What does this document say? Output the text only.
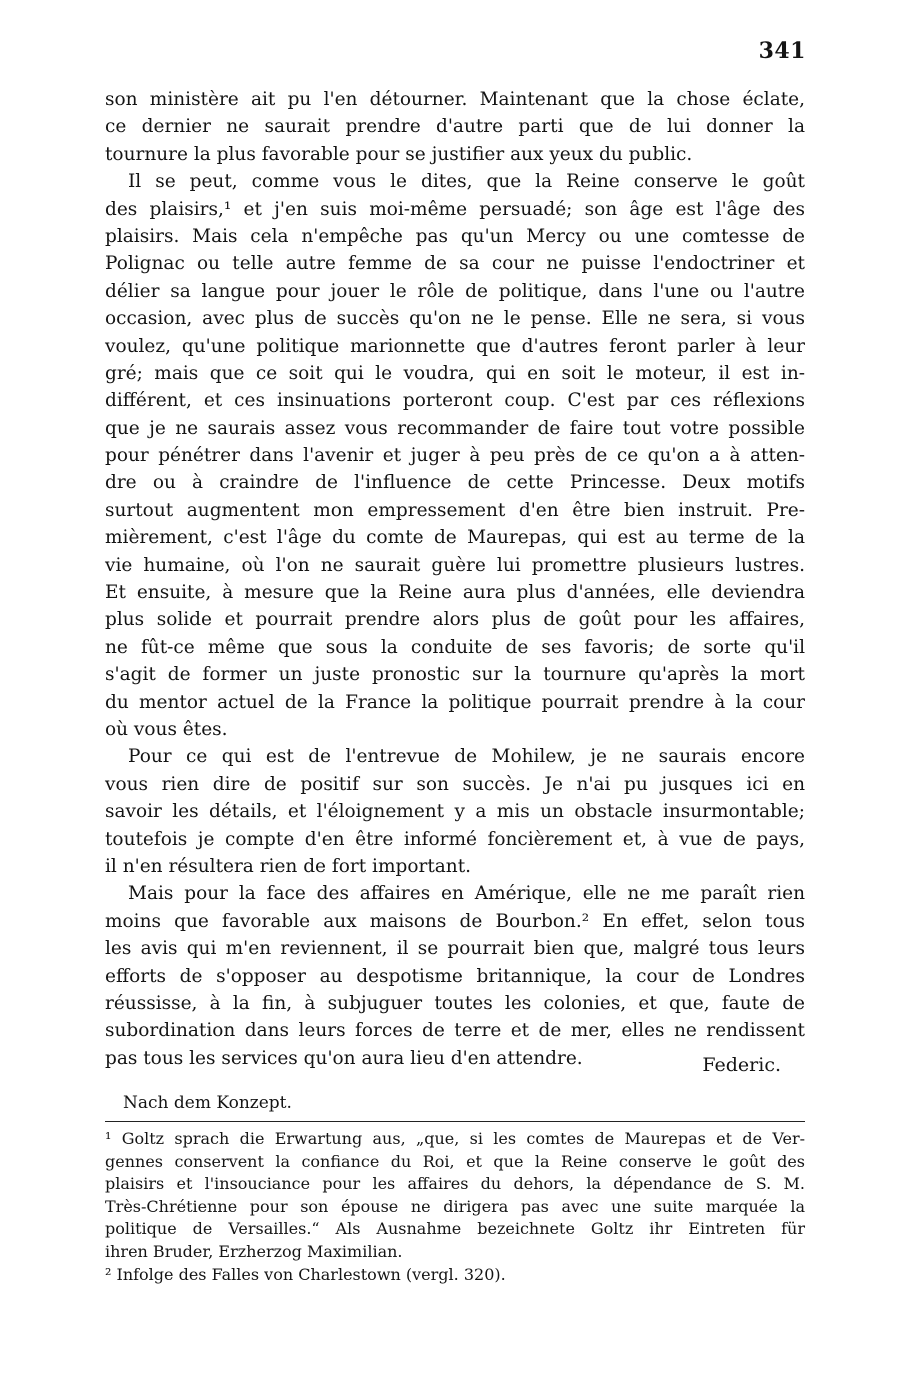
341
son ministère ait pu l'en détourner. Maintenant que la chose éclate,
ce dernier ne saurait prendre d'autre parti que de lui donner la
tournure la plus favorable pour se justifier aux yeux du public.
Il se peut, comme vous le dites, que la Reine conserve le goût
des plaisirs,¹ et j'en suis moi-même persuadé; son âge est l'âge des
plaisirs. Mais cela n'empêche pas qu'un Mercy ou une comtesse de
Polignac ou telle autre femme de sa cour ne puisse l'endoctriner et
délier sa langue pour jouer le rôle de politique, dans l'une ou l'autre
occasion, avec plus de succès qu'on ne le pense. Elle ne sera, si vous
voulez, qu'une politique marionnette que d'autres feront parler à leur
gré; mais que ce soit qui le voudra, qui en soit le moteur, il est in-
différent, et ces insinuations porteront coup. C'est par ces réflexions
que je ne saurais assez vous recommander de faire tout votre possible
pour pénétrer dans l'avenir et juger à peu près de ce qu'on a à atten-
dre ou à craindre de l'influence de cette Princesse. Deux motifs
surtout augmentent mon empressement d'en être bien instruit. Pre-
mièrement, c'est l'âge du comte de Maurepas, qui est au terme de la
vie humaine, où l'on ne saurait guère lui promettre plusieurs lustres.
Et ensuite, à mesure que la Reine aura plus d'années, elle deviendra
plus solide et pourrait prendre alors plus de goût pour les affaires,
ne fût-ce même que sous la conduite de ses favoris; de sorte qu'il
s'agit de former un juste pronostic sur la tournure qu'après la mort
du mentor actuel de la France la politique pourrait prendre à la cour
où vous êtes.
Pour ce qui est de l'entrevue de Mohilew, je ne saurais encore
vous rien dire de positif sur son succès. Je n'ai pu jusques ici en
savoir les détails, et l'éloignement y a mis un obstacle insurmontable;
toutefois je compte d'en être informé foncièrement et, à vue de pays,
il n'en résultera rien de fort important.
Mais pour la face des affaires en Amérique, elle ne me paraît rien
moins que favorable aux maisons de Bourbon.² En effet, selon tous
les avis qui m'en reviennent, il se pourrait bien que, malgré tous leurs
efforts de s'opposer au despotisme britannique, la cour de Londres
réussisse, à la fin, à subjuguer toutes les colonies, et que, faute de
subordination dans leurs forces de terre et de mer, elles ne rendissent
pas tous les services qu'on aura lieu d'en attendre.	Federic.
Nach dem Konzept.
¹ Goltz sprach die Erwartung aus, „que, si les comtes de Maurepas et de Ver-
gennes conservent la confiance du Roi, et que la Reine conserve le goût des
plaisirs et l'insouciance pour les affaires du dehors, la dépendance de S. M.
Très-Chrétienne pour son épouse ne dirigera pas avec une suite marquée la
politique de Versailles.“ Als Ausnahme bezeichnete Goltz ihr Eintreten für
ihren Bruder, Erzherzog Maximilian.
² Infolge des Falles von Charlestown (vergl. 320).
